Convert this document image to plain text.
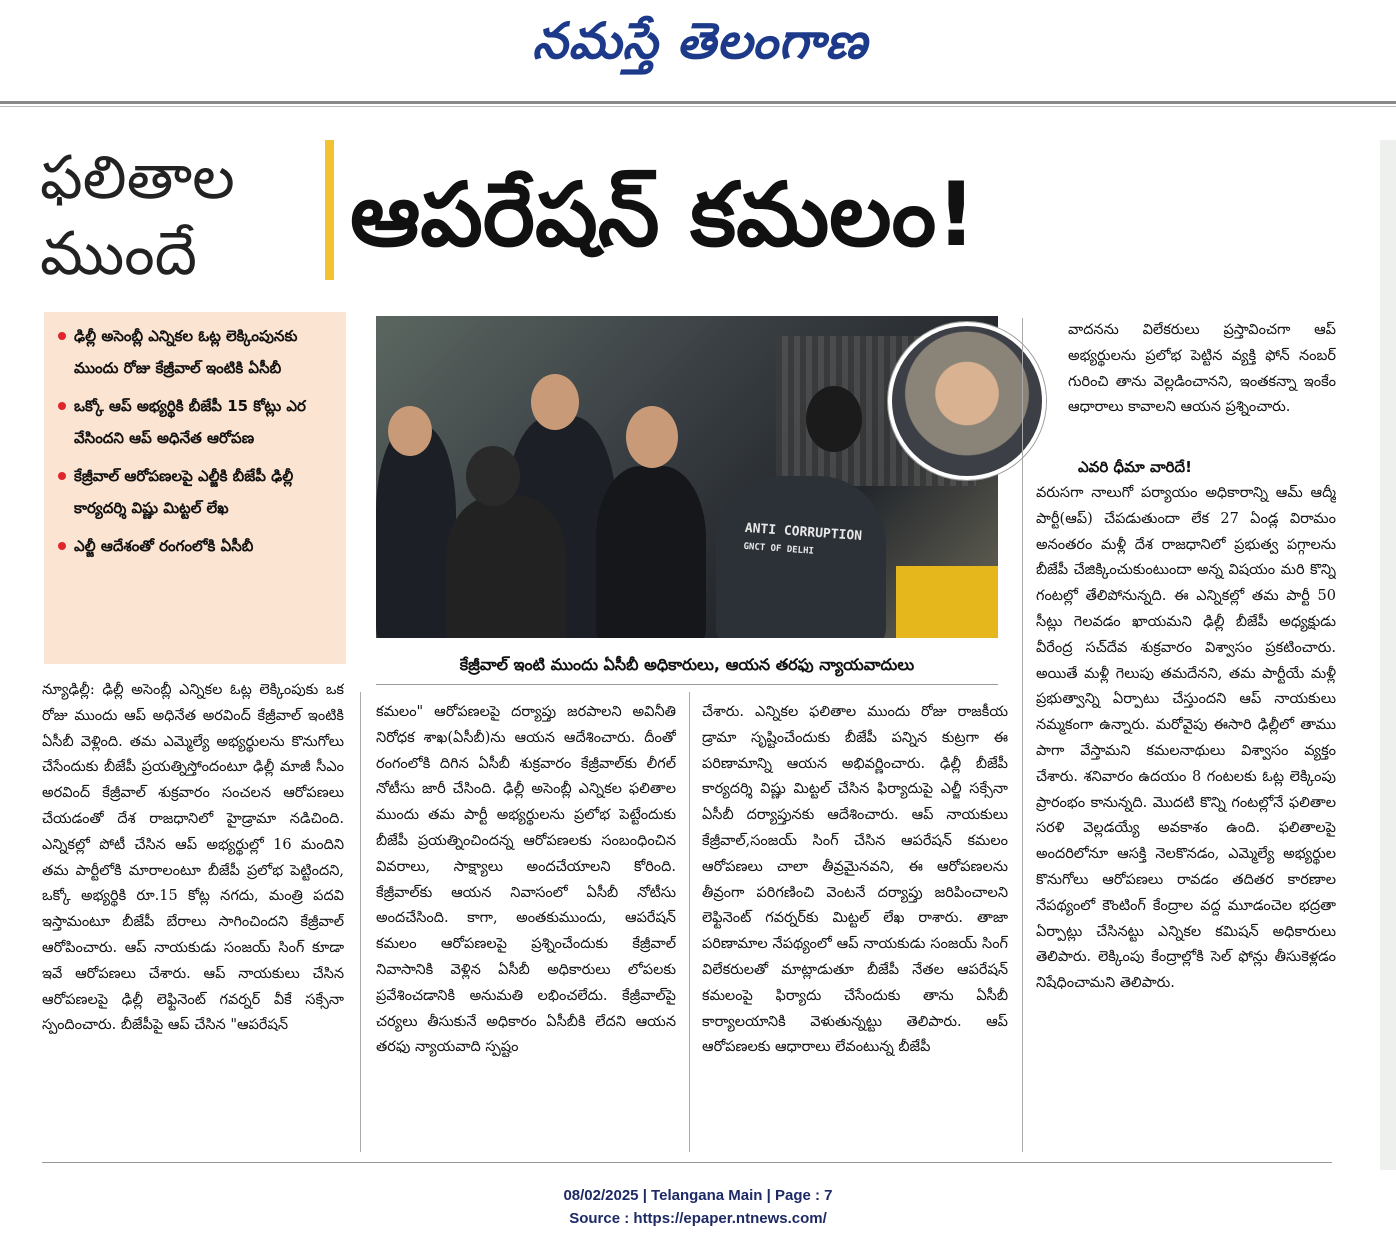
నమస్తే తెలంగాణ
ఫలితాల
ముందే	ఆపరేషన్ కమలం!
ఢిల్లీ అసెంబ్లీ ఎన్నికల ఓట్ల లెక్కింపునకు ముందు రోజు కేజ్రీవాల్ ఇంటికి ఏసీబీ
ఒక్కో ఆప్ అభ్యర్థికి బీజేపీ 15 కోట్లు ఎర వేసిందని ఆప్ అధినేత ఆరోపణ
కేజ్రీవాల్ ఆరోపణలపై ఎల్జీకి బీజేపీ ఢిల్లీ కార్యదర్శి విష్ణు మిట్టల్ లేఖ
ఎల్జీ ఆదేశంతో రంగంలోకి ఏసీబీ
ANTI CORRUPTION
GNCT OF DELHI
కేజ్రీవాల్ ఇంటి ముందు ఏసీబీ అధికారులు, ఆయన తరఫు న్యాయవాదులు

న్యూఢిల్లీ: ఢిల్లీ అసెంబ్లీ ఎన్నికల ఓట్ల లెక్కింపుకు ఒక రోజు ముందు ఆప్ అధినేత అరవింద్ కేజ్రీవాల్ ఇంటికి ఏసీబీ వెళ్లింది. తమ ఎమ్మెల్యే అభ్యర్థులను కొనుగోలు చేసేందుకు బీజేపీ ప్రయత్నిస్తోందంటూ ఢిల్లీ మాజీ సీఎం అరవింద్ కేజ్రీవాల్ శుక్రవారం సంచలన ఆరోపణలు చేయడంతో దేశ రాజధానిలో హైడ్రామా నడిచింది. ఎన్నికల్లో పోటీ చేసిన ఆప్ అభ్యర్థుల్లో 16 మందిని తమ పార్టీలోకి మారాలంటూ బీజేపీ ప్రలోభ పెట్టిందని, ఒక్కో అభ్యర్థికి రూ.15 కోట్ల నగదు, మంత్రి పదవి ఇస్తామంటూ బీజేపీ బేరాలు సాగించిందని కేజ్రీవాల్ ఆరోపించారు. ఆప్ నాయకుడు సంజయ్ సింగ్ కూడా ఇవే ఆరోపణలు చేశారు. ఆప్ నాయకులు చేసిన ఆరోపణలపై ఢిల్లీ లెఫ్టినెంట్ గవర్నర్ వీకే సక్సేనా స్పందించారు. బీజేపీపై ఆప్ చేసిన "ఆపరేషన్

కమలం" ఆరోపణలపై దర్యాప్తు జరపాలని అవినీతి నిరోధక శాఖ(ఏసీబీ)ను ఆయన ఆదేశించారు. దీంతో రంగంలోకి దిగిన ఏసీబీ శుక్రవారం కేజ్రీవాల్‌కు లీగల్ నోటీసు జారీ చేసింది. ఢిల్లీ అసెంబ్లీ ఎన్నికల ఫలితాల ముందు తమ పార్టీ అభ్యర్థులను ప్రలోభ పెట్టేందుకు బీజేపీ ప్రయత్నించిందన్న ఆరోపణలకు సంబంధించిన వివరాలు, సాక్ష్యాలు అందచేయాలని కోరింది. కేజ్రీవాల్‌కు ఆయన నివాసంలో ఏసీబీ నోటీసు అందచేసింది. కాగా, అంతకుముందు, ఆపరేషన్ కమలం ఆరోపణలపై ప్రశ్నించేందుకు కేజ్రీవాల్ నివాసానికి వెళ్లిన ఏసీబీ అధికారులు లోపలకు ప్రవేశించడానికి అనుమతి లభించలేదు. కేజ్రీవాల్‌పై చర్యలు తీసుకునే అధికారం ఏసీబీకి లేదని ఆయన తరఫు న్యాయవాది స్పష్టం

చేశారు. ఎన్నికల ఫలితాల ముందు రోజు రాజకీయ డ్రామా సృష్టించేందుకు బీజేపీ పన్నిన కుట్రగా ఈ పరిణామాన్ని ఆయన అభివర్ణించారు. ఢిల్లీ బీజేపీ కార్యదర్శి విష్ణు మిట్టల్ చేసిన ఫిర్యాదుపై ఎల్జీ సక్సేనా ఏసీబీ దర్యాప్తునకు ఆదేశించారు. ఆప్ నాయకులు కేజ్రీవాల్,సంజయ్ సింగ్ చేసిన ఆపరేషన్ కమలం ఆరోపణలు చాలా తీవ్రమైనవని, ఈ ఆరోపణలను తీవ్రంగా పరిగణించి వెంటనే దర్యాప్తు జరిపించాలని లెఫ్టినెంట్ గవర్నర్‌కు మిట్టల్ లేఖ రాశారు. తాజా పరిణామాల నేపథ్యంలో ఆప్ నాయకుడు సంజయ్ సింగ్ విలేకరులతో మాట్లాడుతూ బీజేపీ నేతల ఆపరేషన్ కమలంపై ఫిర్యాదు చేసేందుకు తాను ఏసీబీ కార్యాలయానికి వెళుతున్నట్టు తెలిపారు. ఆప్ ఆరోపణలకు ఆధారాలు లేవంటున్న బీజేపీ

వాదనను విలేకరులు ప్రస్తావించగా ఆప్ అభ్యర్థులను ప్రలోభ పెట్టిన వ్యక్తి ఫోన్ నంబర్ గురించి తాను వెల్లడించానని, ఇంతకన్నా ఇంకేం ఆధారాలు కావాలని ఆయన ప్రశ్నించారు.

ఎవరి ధీమా వారిదే!

వరుసగా నాలుగో పర్యాయం అధికారాన్ని ఆమ్ ఆద్మీ పార్టీ(ఆప్) చేపడుతుందా లేక 27 ఏండ్ల విరామం అనంతరం మళ్లీ దేశ రాజధానిలో ప్రభుత్వ పగ్గాలను బీజేపీ చేజిక్కించుకుంటుందా అన్న విషయం మరి కొన్ని గంటల్లో తేలిపోనున్నది. ఈ ఎన్నికల్లో తమ పార్టీ 50 సీట్లు గెలవడం ఖాయమని ఢిల్లీ బీజేపీ అధ్యక్షుడు వీరేంద్ర సచ్‌దేవ శుక్రవారం విశ్వాసం ప్రకటించారు. అయితే మళ్లీ గెలుపు తమదేనని, తమ పార్టీయే మళ్లీ ప్రభుత్వాన్ని ఏర్పాటు చేస్తుందని ఆప్ నాయకులు నమ్మకంగా ఉన్నారు. మరోవైపు ఈసారి ఢిల్లీలో తాము పాగా వేస్తామని కమలనాథులు విశ్వాసం వ్యక్తం చేశారు. శనివారం ఉదయం 8 గంటలకు ఓట్ల లెక్కింపు ప్రారంభం కానున్నది. మొదటి కొన్ని గంటల్లోనే ఫలితాల సరళి వెల్లడయ్యే అవకాశం ఉంది. ఫలితాలపై అందరిలోనూ ఆసక్తి నెలకొనడం, ఎమ్మెల్యే అభ్యర్థుల కొనుగోలు ఆరోపణలు రావడం తదితర కారణాల నేపథ్యంలో కౌంటింగ్ కేంద్రాల వద్ద మూడంచెల భద్రతా ఏర్పాట్లు చేసినట్టు ఎన్నికల కమిషన్ అధికారులు తెలిపారు. లెక్కింపు కేంద్రాల్లోకి సెల్ ఫోన్లు తీసుకెళ్లడం నిషేధించామని తెలిపారు.

08/02/2025 | Telangana Main | Page : 7
Source : https://epaper.ntnews.com/
